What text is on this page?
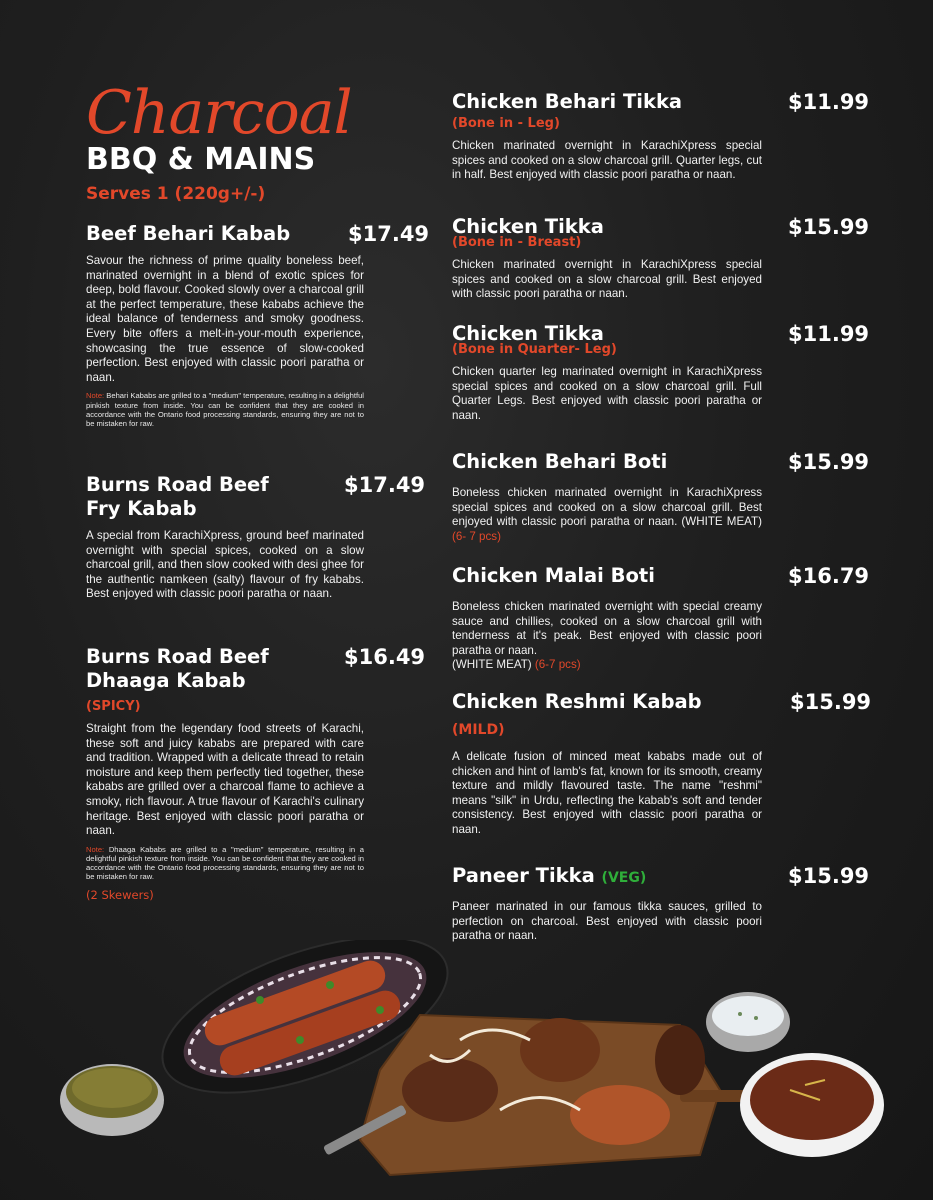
Charcoal
BBQ & MAINS
Serves 1 (220g+/-)
Beef Behari Kabab	$17.49
Savour the richness of prime quality boneless beef, marinated overnight in a blend of exotic spices for deep, bold flavour. Cooked slowly over a charcoal grill at the perfect temperature, these kababs achieve the ideal balance of tenderness and smoky goodness. Every bite offers a melt-in-your-mouth experience, showcasing the true essence of slow-cooked perfection. Best enjoyed with classic poori paratha or naan.
Note: Behari Kababs are grilled to a "medium" temperature, resulting in a delightful pinkish texture from inside. You can be confident that they are cooked in accordance with the Ontario food processing standards, ensuring they are not to be mistaken for raw.
Burns Road Beef
Fry Kabab
$17.49
A special from KarachiXpress, ground beef marinated overnight with special spices, cooked on a slow charcoal grill, and then slow cooked with desi ghee for the authentic namkeen (salty) flavour of fry kababs. Best enjoyed with classic poori paratha or naan.
Burns Road Beef
Dhaaga Kabab
$16.49
(SPICY)
Straight from the legendary food streets of Karachi, these soft and juicy kababs are prepared with care and tradition. Wrapped with a delicate thread to retain moisture and keep them perfectly tied together, these kababs are grilled over a charcoal flame to achieve a smoky, rich flavour. A true flavour of Karachi's culinary heritage. Best enjoyed with classic poori paratha or naan.
Note: Dhaaga Kababs are grilled to a "medium" temperature, resulting in a delightful pinkish texture from inside. You can be confident that they are cooked in accordance with the Ontario food processing standards, ensuring they are not to be mistaken for raw.
(2 Skewers)
Chicken Behari Tikka	$11.99
(Bone in - Leg)
Chicken marinated overnight in KarachiXpress special spices and cooked on a slow charcoal grill. Quarter legs, cut in half. Best enjoyed with classic poori paratha or naan.
Chicken Tikka	$15.99
(Bone in - Breast)
Chicken marinated overnight in KarachiXpress special spices and cooked on a slow charcoal grill. Best enjoyed with classic poori paratha or naan.
Chicken Tikka	$11.99
(Bone in Quarter- Leg)
Chicken quarter leg marinated overnight in KarachiXpress special spices and cooked on a slow charcoal grill. Full Quarter Legs. Best enjoyed with classic poori paratha or naan.
Chicken Behari Boti	$15.99
Boneless chicken marinated overnight in KarachiXpress special spices and cooked on a slow charcoal grill. Best enjoyed with classic poori paratha or naan. (WHITE MEAT) (6- 7 pcs)
Chicken Malai Boti	$16.79
Boneless chicken marinated overnight with special creamy sauce and chillies, cooked on a slow charcoal grill with tenderness at it's peak. Best enjoyed with classic poori paratha or naan.
(WHITE MEAT) (6-7 pcs)
Chicken Reshmi Kabab	$15.99
(MILD)
A delicate fusion of minced meat kababs made out of chicken and hint of lamb's fat, known for its smooth, creamy texture and mildly flavoured taste. The name "reshmi" means "silk" in Urdu, reflecting the kabab's soft and tender consistency. Best enjoyed with classic poori paratha or naan.
Paneer Tikka (VEG)	$15.99
Paneer marinated in our famous tikka sauces, grilled to perfection on charcoal. Best enjoyed with classic poori paratha or naan.
